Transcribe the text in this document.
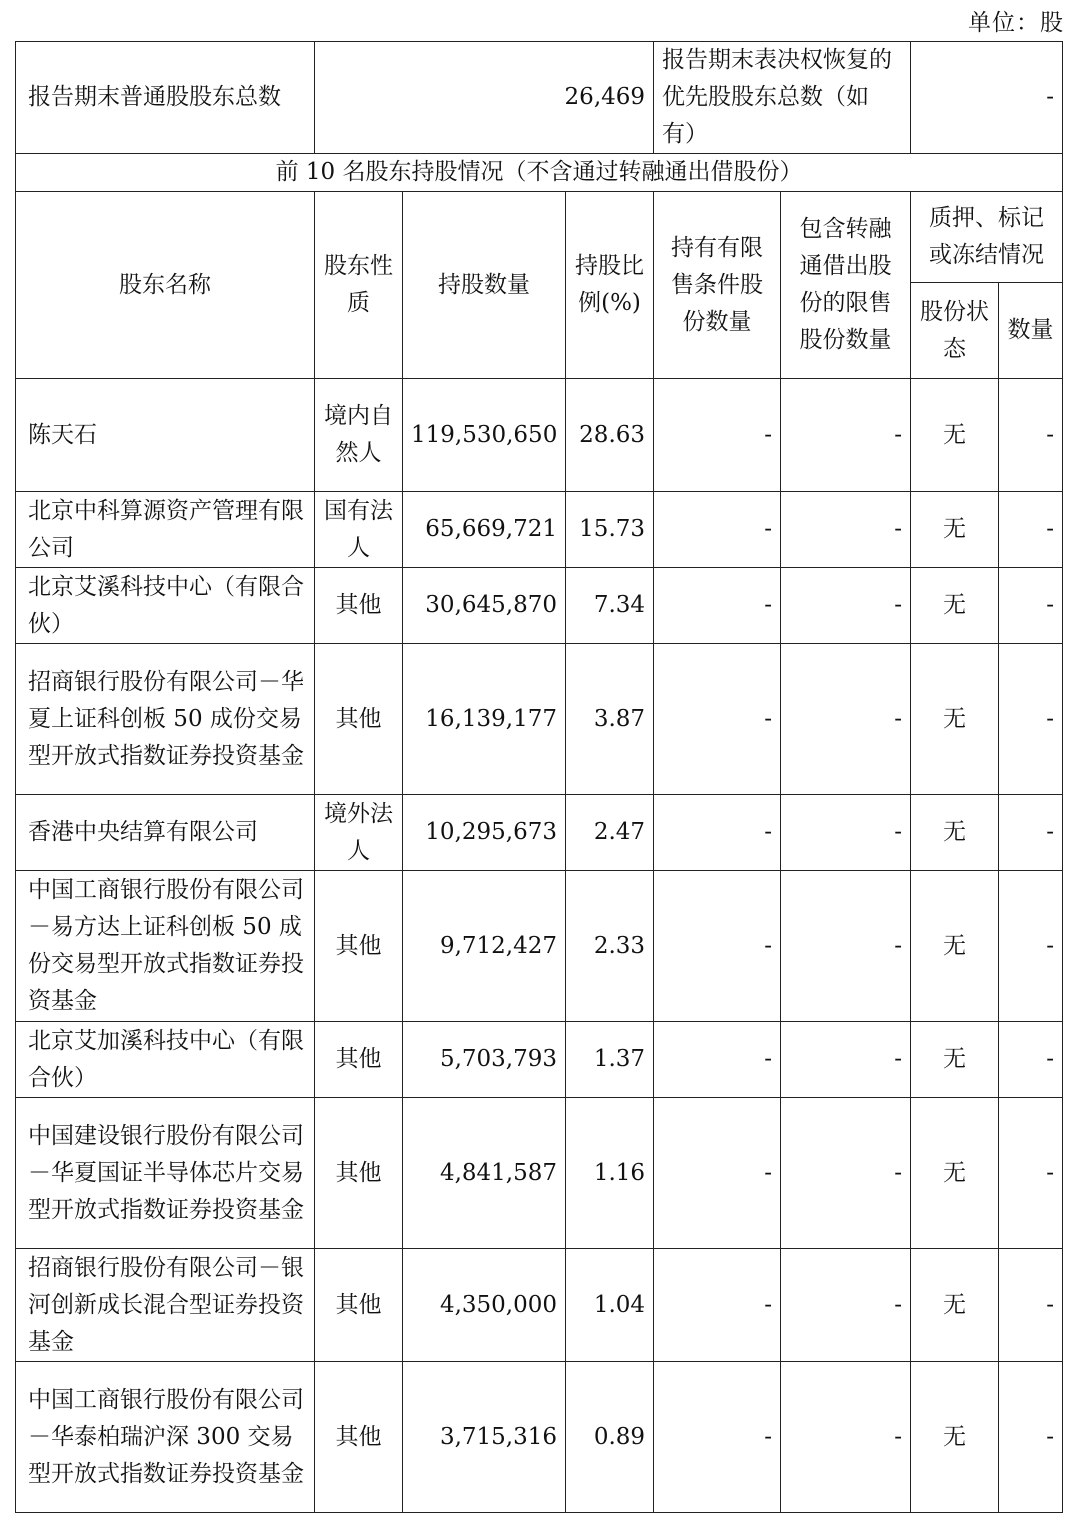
单位：股
报告期末普通股股东总数	26,469			报告期末表决权恢复的优先股股东总数（如有）		-	
前 10 名股东持股情况（不含通过转融通出借股份）							
股东名称	股东性质	持股数量	持股比例(%)	持有有限售条件股份数量	包含转融通借出股份的限售股份数量	质押、标记或冻结情况	
						股份状态	数量
陈天石	境内自然人	119,530,650	28.63	-	-	无	-
北京中科算源资产管理有限公司	国有法人	65,669,721	15.73	-	-	无	-
北京艾溪科技中心（有限合伙）	其他	30,645,870	7.34	-	-	无	-
招商银行股份有限公司－华夏上证科创板 50 成份交易型开放式指数证券投资基金	其他	16,139,177	3.87	-	-	无	-
香港中央结算有限公司	境外法人	10,295,673	2.47	-	-	无	-
中国工商银行股份有限公司－易方达上证科创板 50 成份交易型开放式指数证券投资基金	其他	9,712,427	2.33	-	-	无	-
北京艾加溪科技中心（有限合伙）	其他	5,703,793	1.37	-	-	无	-
中国建设银行股份有限公司－华夏国证半导体芯片交易型开放式指数证券投资基金	其他	4,841,587	1.16	-	-	无	-
招商银行股份有限公司－银河创新成长混合型证券投资基金	其他	4,350,000	1.04	-	-	无	-
中国工商银行股份有限公司－华泰柏瑞沪深 300 交易型开放式指数证券投资基金	其他	3,715,316	0.89	-	-	无	-
